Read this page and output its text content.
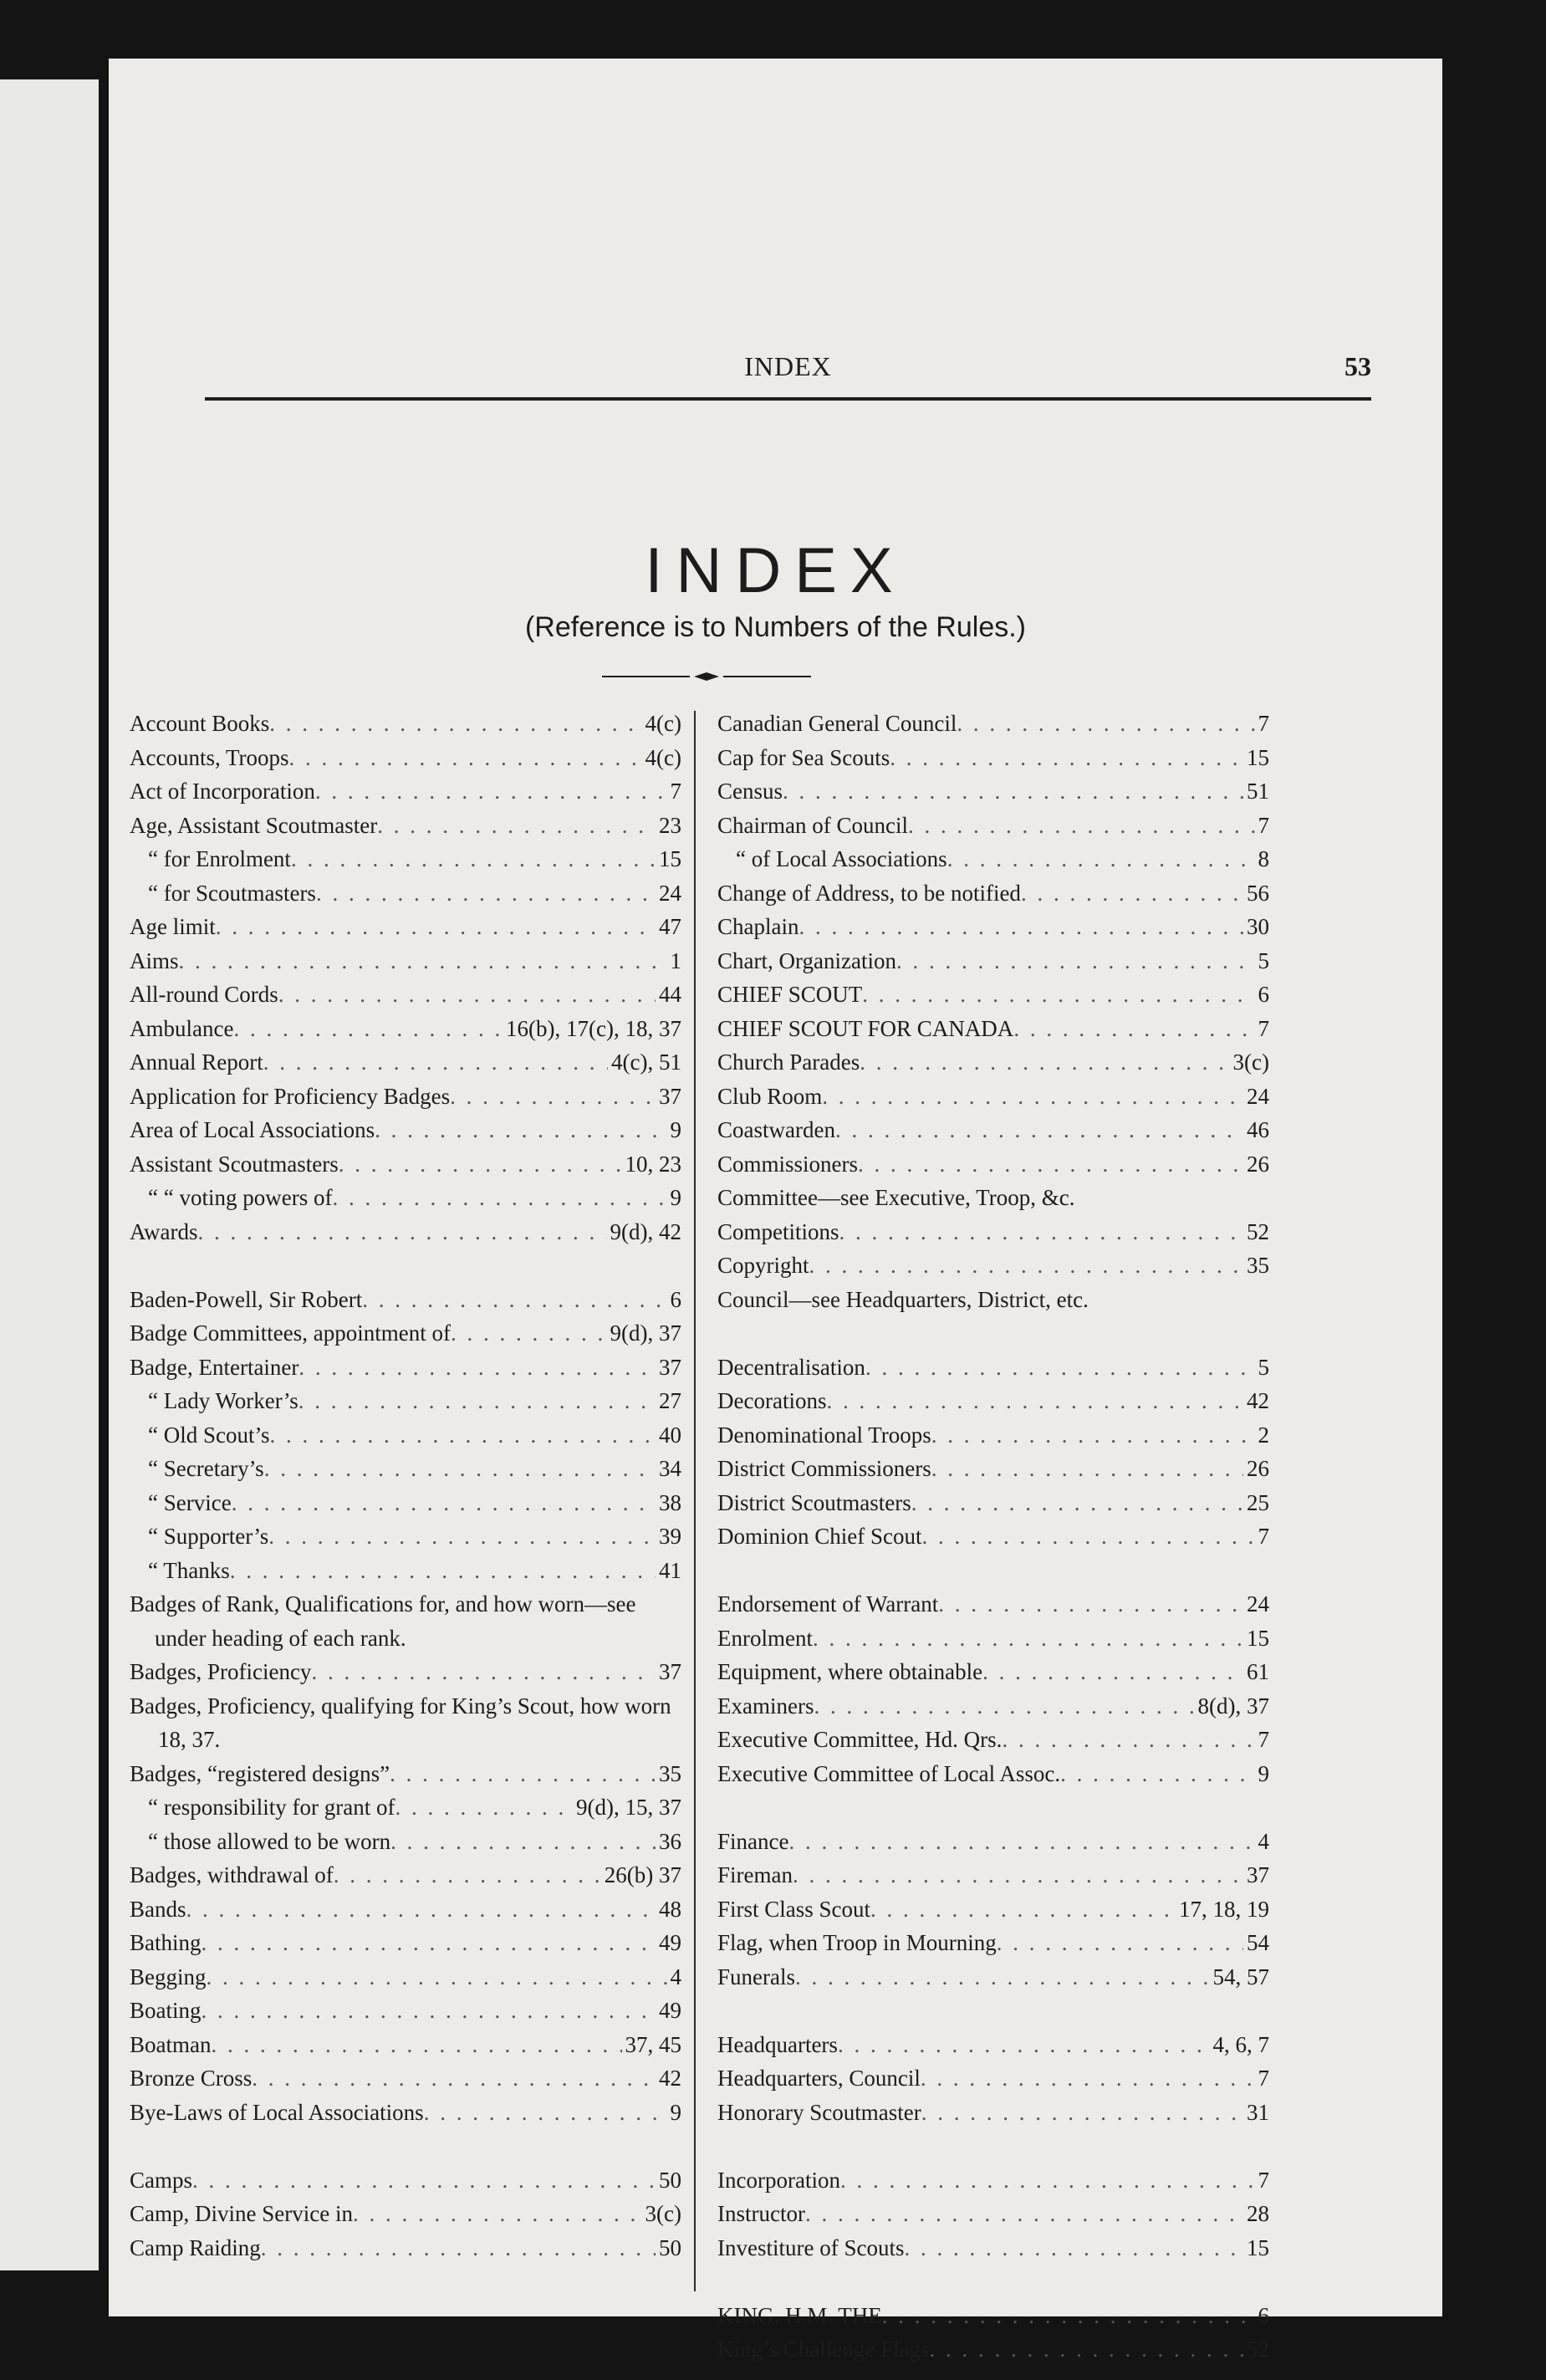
INDEX	53
INDEX
(Reference is to Numbers of the Rules.)
Account Books . . .	4(c)
Accounts, Troops . . .	4(c)
Act of Incorporation . . .	7
Age, Assistant Scoutmaster . . .	23
“ for Enrolment . . .	15
“ for Scoutmasters . . .	24
Age limit . . .	47
Aims . . .	1
All-round Cords . . .	44
Ambulance . . .	16(b), 17(c), 18, 37
Annual Report . . .	4(c), 51
Application for Proficiency Badges . . .	37
Area of Local Associations . . .	9
Assistant Scoutmasters . . .	10, 23
“ “ voting powers of . . .	9
Awards . . .	9(d), 42
Baden-Powell, Sir Robert . . .	6
Badge Committees, appointment of . . .	9(d), 37
Badge, Entertainer . . .	37
“ Lady Worker’s . . .	27
“ Old Scout’s . . .	40
“ Secretary’s . . .	34
“ Service . . .	38
“ Supporter’s . . .	39
“ Thanks . . .	41
Badges of Rank, Qualifications for, and how worn—see under heading of each rank.
Badges, Proficiency . . .	37
Badges, Proficiency, qualifying for King’s Scout, how worn 18, 37.
Badges, “registered designs” . . .	35
“ responsibility for grant of . . .	9(d), 15, 37
“ those allowed to be worn . . .	36
Badges, withdrawal of . . .	26(b) 37
Bands . . .	48
Bathing . . .	49
Begging . . .	4
Boating . . .	49
Boatman . . .	37, 45
Bronze Cross . . .	42
Bye-Laws of Local Associations . . .	9
Camps . . .	50
Camp, Divine Service in . . .	3(c)
Camp Raiding . . .	50
Canadian General Council . . .	7
Cap for Sea Scouts . . .	15
Census . . .	51
Chairman of Council . . .	7
“ of Local Associations . . .	8
Change of Address, to be notified . . .	56
Chaplain . . .	30
Chart, Organization . . .	5
CHIEF SCOUT . . .	6
CHIEF SCOUT FOR CANADA . . .	7
Church Parades . . .	3(c)
Club Room . . .	24
Coastwarden . . .	46
Commissioners . . .	26
Committee—see Executive, Troop, &c.
Competitions . . .	52
Copyright . . .	35
Council—see Headquarters, District, etc.
Decentralisation . . .	5
Decorations . . .	42
Denominational Troops . . .	2
District Commissioners . . .	26
District Scoutmasters . . .	25
Dominion Chief Scout . . .	7
Endorsement of Warrant . . .	24
Enrolment . . .	15
Equipment, where obtainable . . .	61
Examiners . . .	8(d), 37
Executive Committee, Hd. Qrs. . . .	7
Executive Committee of Local Assoc. . . .	9
Finance . . .	4
Fireman . . .	37
First Class Scout . . .	17, 18, 19
Flag, when Troop in Mourning . . .	54
Funerals . . .	54, 57
Headquarters . . .	4, 6, 7
Headquarters, Council . . .	7
Honorary Scoutmaster . . .	31
Incorporation . . .	7
Instructor . . .	28
Investiture of Scouts . . .	15
KING, H.M. THE . . .	6
King’s Challenge Flags . . .	52
